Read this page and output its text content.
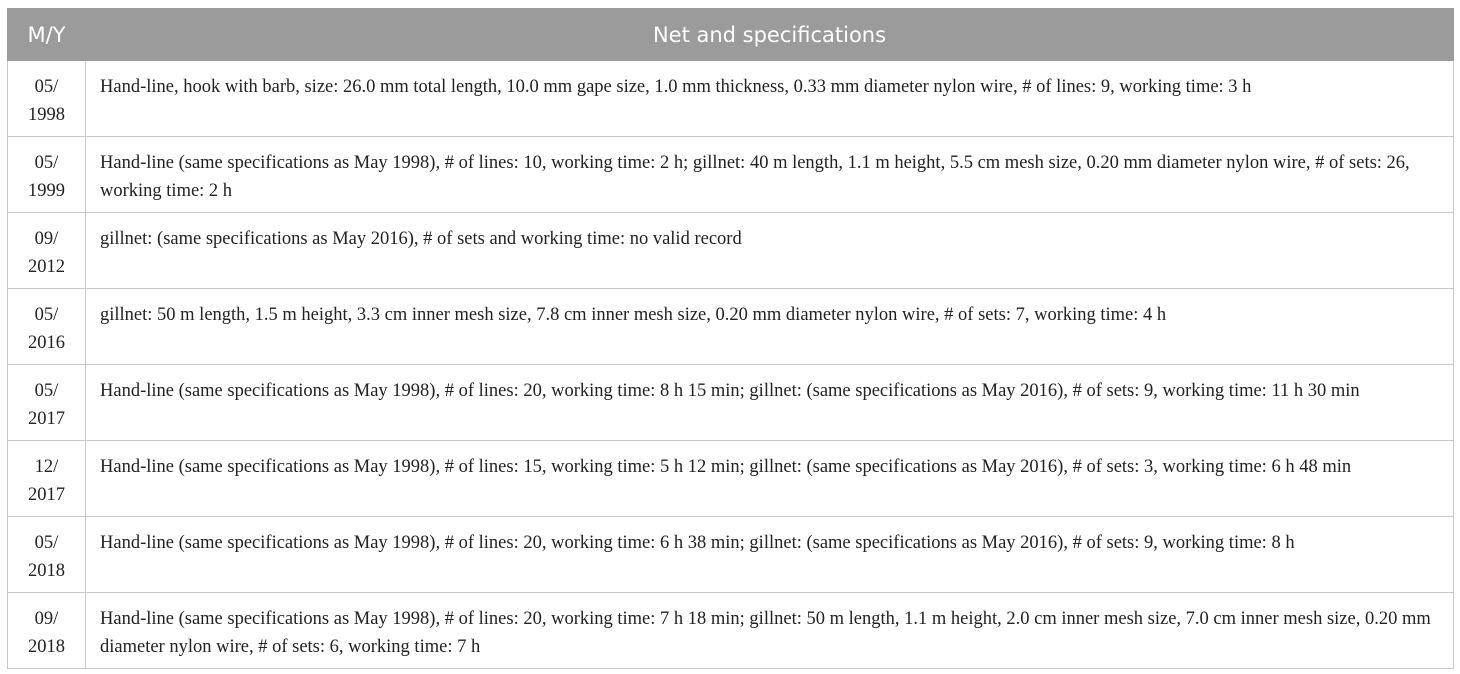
M/Y	Net and specifications

05/
1998	Hand-line, hook with barb, size: 26.0 mm total length, 10.0 mm gape size, 1.0 mm thickness, 0.33 mm diameter nylon wire, # of lines: 9, working time: 3 h

05/
1999	Hand-line (same specifications as May 1998), # of lines: 10, working time: 2 h; gillnet: 40 m length, 1.1 m height, 5.5 cm mesh size, 0.20 mm diameter nylon wire, # of sets: 26, working time: 2 h

09/
2012	gillnet: (same specifications as May 2016), # of sets and working time: no valid record

05/
2016	gillnet: 50 m length, 1.5 m height, 3.3 cm inner mesh size, 7.8 cm inner mesh size, 0.20 mm diameter nylon wire, # of sets: 7, working time: 4 h

05/
2017	Hand-line (same specifications as May 1998), # of lines: 20, working time: 8 h 15 min; gillnet: (same specifications as May 2016), # of sets: 9, working time: 11 h 30 min

12/
2017	Hand-line (same specifications as May 1998), # of lines: 15, working time: 5 h 12 min; gillnet: (same specifications as May 2016), # of sets: 3, working time: 6 h 48 min

05/
2018	Hand-line (same specifications as May 1998), # of lines: 20, working time: 6 h 38 min; gillnet: (same specifications as May 2016), # of sets: 9, working time: 8 h

09/
2018	Hand-line (same specifications as May 1998), # of lines: 20, working time: 7 h 18 min; gillnet: 50 m length, 1.1 m height, 2.0 cm inner mesh size, 7.0 cm inner mesh size, 0.20 mm diameter nylon wire, # of sets: 6, working time: 7 h
